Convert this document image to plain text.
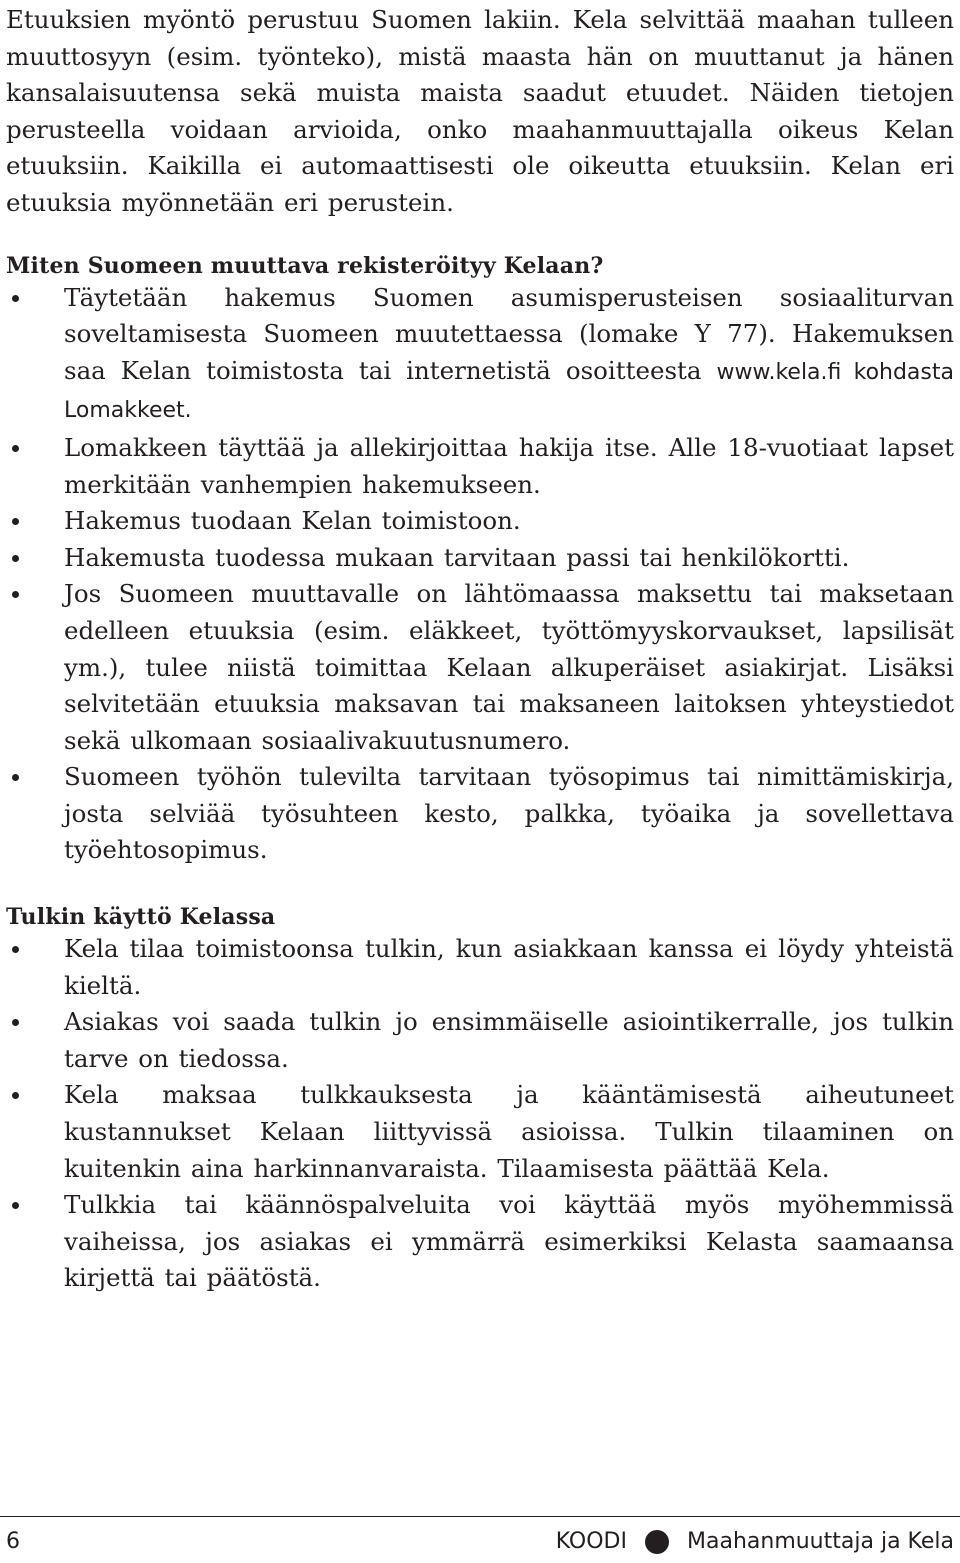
Etuuksien myöntö perustuu Suomen lakiin. Kela selvittää maahan tulleen muuttosyyn (esim. työnteko), mistä maasta hän on muuttanut ja hänen kansalaisuutensa sekä muista maista saadut etuudet. Näiden tietojen perusteella voidaan arvioida, onko maahanmuuttajalla oikeus Kelan etuuksiin. Kaikilla ei automaattisesti ole oikeutta etuuksiin. Kelan eri etuuksia myönnetään eri perustein.

Miten Suomeen muuttava rekisteröityy Kelaan?
Täytetään hakemus Suomen asumisperusteisen sosiaaliturvan soveltamisesta Suomeen muutettaessa (lomake Y 77). Hakemuksen saa Kelan toimistosta tai internetistä osoitteesta www.kela.fi kohdasta Lomakkeet.
Lomakkeen täyttää ja allekirjoittaa hakija itse. Alle 18-vuotiaat lapset merkitään vanhempien hakemukseen.
Hakemus tuodaan Kelan toimistoon.
Hakemusta tuodessa mukaan tarvitaan passi tai henkilökortti.
Jos Suomeen muuttavalle on lähtömaassa maksettu tai maksetaan edelleen etuuksia (esim. eläkkeet, työttömyyskorvaukset, lapsilisät ym.), tulee niistä toimittaa Kelaan alkuperäiset asiakirjat. Lisäksi selvitetään etuuksia maksavan tai maksaneen laitoksen yhteystiedot sekä ulkomaan sosiaalivakuutusnumero.
Suomeen työhön tulevilta tarvitaan työsopimus tai nimittämiskirja, josta selviää työsuhteen kesto, palkka, työaika ja sovellettava työehtosopimus.
Tulkin käyttö Kelassa
Kela tilaa toimistoonsa tulkin, kun asiakkaan kanssa ei löydy yhteistä kieltä.
Asiakas voi saada tulkin jo ensimmäiselle asiointikerralle, jos tulkin tarve on tiedossa.
Kela maksaa tulkkauksesta ja kääntämisestä aiheutuneet kustannukset Kelaan liittyvissä asioissa. Tulkin tilaaminen on kuitenkin aina harkinnanvaraista. Tilaamisesta päättää Kela.
Tulkkia tai käännöspalveluita voi käyttää myös myöhemmissä vaiheissa, jos asiakas ei ymmärrä esimerkiksi Kelasta saamaansa kirjettä tai päätöstä.
6	KOODI	Maahanmuuttaja ja Kela
